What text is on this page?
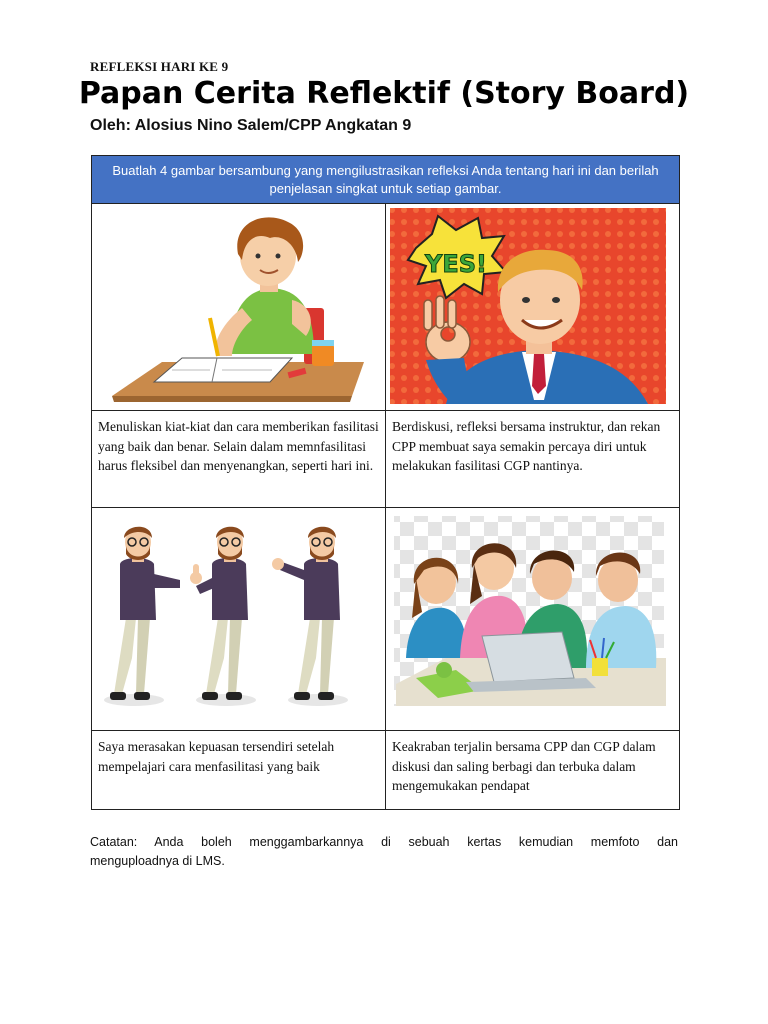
REFLEKSI HARI KE 9
Papan Cerita Reflektif (Story Board)
Oleh: Alosius Nino Salem/CPP Angkatan 9
Buatlah 4 gambar bersambung yang mengilustrasikan refleksi Anda tentang hari ini dan berilah
penjelasan singkat untuk setiap gambar.	

YES!

Menuliskan kiat-kiat dan cara memberikan fasilitasi yang baik dan benar. Selain dalam memnfasilitasi harus fleksibel dan menyenangkan, seperti hari ini.	Berdiskusi, refleksi bersama instruktur, dan rekan CPP membuat saya semakin percaya diri untuk melakukan fasilitasi CGP nantinya.

Saya merasakan kepuasan tersendiri setelah mempelajari cara menfasilitasi yang baik	Keakraban terjalin bersama CPP dan CGP dalam diskusi dan saling berbagi dan terbuka dalam mengemukakan pendapat
Catatan: Anda boleh menggambarkannya di sebuah kertas kemudian memfoto dan
menguploadnya di LMS.
